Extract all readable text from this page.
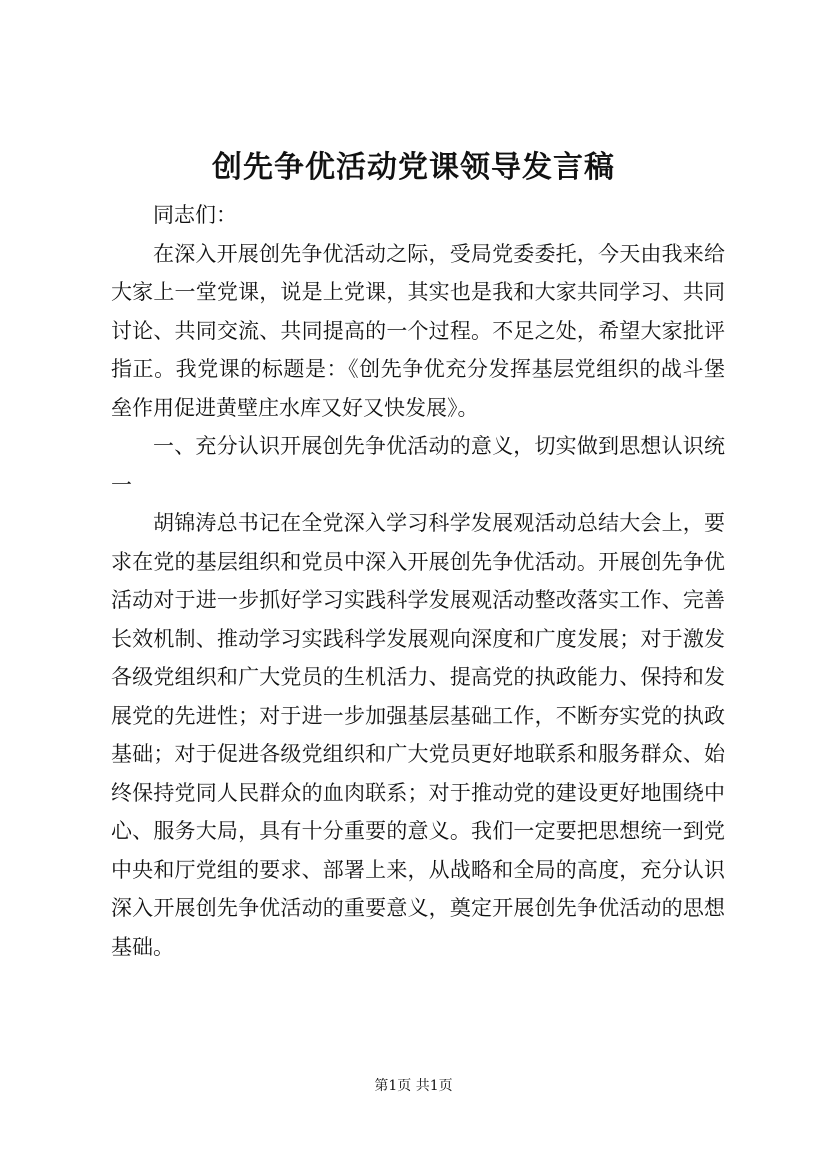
创先争优活动党课领导发言稿

同志们：

在深入开展创先争优活动之际，受局党委委托，今天由我来给大家上一堂党课，说是上党课，其实也是我和大家共同学习、共同讨论、共同交流、共同提高的一个过程。不足之处，希望大家批评指正。我党课的标题是：《创先争优充分发挥基层党组织的战斗堡垒作用促进黄壁庄水库又好又快发展》。

一、充分认识开展创先争优活动的意义，切实做到思想认识统一

胡锦涛总书记在全党深入学习科学发展观活动总结大会上，要求在党的基层组织和党员中深入开展创先争优活动。开展创先争优活动对于进一步抓好学习实践科学发展观活动整改落实工作、完善长效机制、推动学习实践科学发展观向深度和广度发展；对于激发各级党组织和广大党员的生机活力、提高党的执政能力、保持和发展党的先进性；对于进一步加强基层基础工作，不断夯实党的执政基础；对于促进各级党组织和广大党员更好地联系和服务群众、始终保持党同人民群众的血肉联系；对于推动党的建设更好地围绕中心、服务大局，具有十分重要的意义。我们一定要把思想统一到党中央和厅党组的要求、部署上来，从战略和全局的高度，充分认识深入开展创先争优活动的重要意义，奠定开展创先争优活动的思想基础。

第1页 共1页
